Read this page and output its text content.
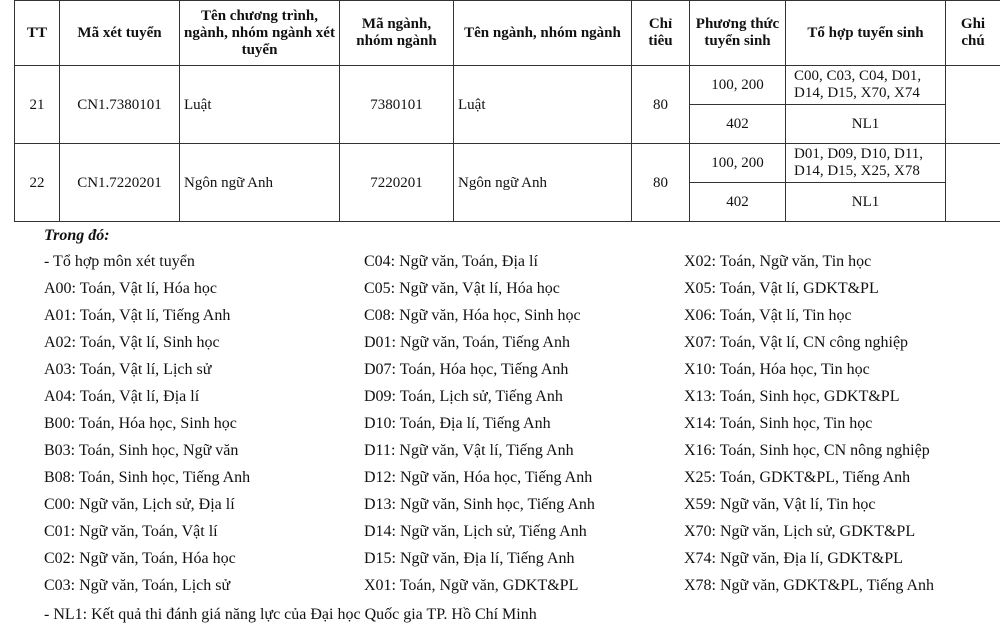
TT	Mã xét tuyển	Tên chương trình, ngành, nhóm ngành xét tuyển	Mã ngành, nhóm ngành	Tên ngành, nhóm ngành	Chỉ tiêu	Phương thức tuyển sinh	Tổ hợp tuyển sinh	Ghi chú
21	CN1.7380101	Luật	7380101	Luật	80	100, 200	C00, C03, C04, D01, D14, D15, X70, X74	
						402	NL1	
22	CN1.7220201	Ngôn ngữ Anh	7220201	Ngôn ngữ Anh	80	100, 200	D01, D09, D10, D11, D14, D15, X25, X78	
						402	NL1	
Trong đó:
- Tổ hợp môn xét tuyển
A00: Toán, Vật lí, Hóa học
A01: Toán, Vật lí, Tiếng Anh
A02: Toán, Vật lí, Sinh học
A03: Toán, Vật lí, Lịch sử
A04: Toán, Vật lí, Địa lí
B00: Toán, Hóa học, Sinh học
B03: Toán, Sinh học, Ngữ văn
B08: Toán, Sinh học, Tiếng Anh
C00: Ngữ văn, Lịch sử, Địa lí
C01: Ngữ văn, Toán, Vật lí
C02: Ngữ văn, Toán, Hóa học
C03: Ngữ văn, Toán, Lịch sử
C04: Ngữ văn, Toán, Địa lí
C05: Ngữ văn, Vật lí, Hóa học
C08: Ngữ văn, Hóa học, Sinh học
D01: Ngữ văn, Toán, Tiếng Anh
D07: Toán, Hóa học, Tiếng Anh
D09: Toán, Lịch sử, Tiếng Anh
D10: Toán, Địa lí, Tiếng Anh
D11: Ngữ văn, Vật lí, Tiếng Anh
D12: Ngữ văn, Hóa học, Tiếng Anh
D13: Ngữ văn, Sinh học, Tiếng Anh
D14: Ngữ văn, Lịch sử, Tiếng Anh
D15: Ngữ văn, Địa lí, Tiếng Anh
X01: Toán, Ngữ văn, GDKT&PL
X02: Toán, Ngữ văn, Tin học
X05: Toán, Vật lí, GDKT&PL
X06: Toán, Vật lí, Tin học
X07: Toán, Vật lí, CN công nghiệp
X10: Toán, Hóa học, Tin học
X13: Toán, Sinh học, GDKT&PL
X14: Toán, Sinh học, Tin học
X16: Toán, Sinh học, CN nông nghiệp
X25: Toán, GDKT&PL, Tiếng Anh
X59: Ngữ văn, Vật lí, Tin học
X70: Ngữ văn, Lịch sử, GDKT&PL
X74: Ngữ văn, Địa lí, GDKT&PL
X78: Ngữ văn, GDKT&PL, Tiếng Anh
- NL1: Kết quả thi đánh giá năng lực của Đại học Quốc gia TP. Hồ Chí Minh
